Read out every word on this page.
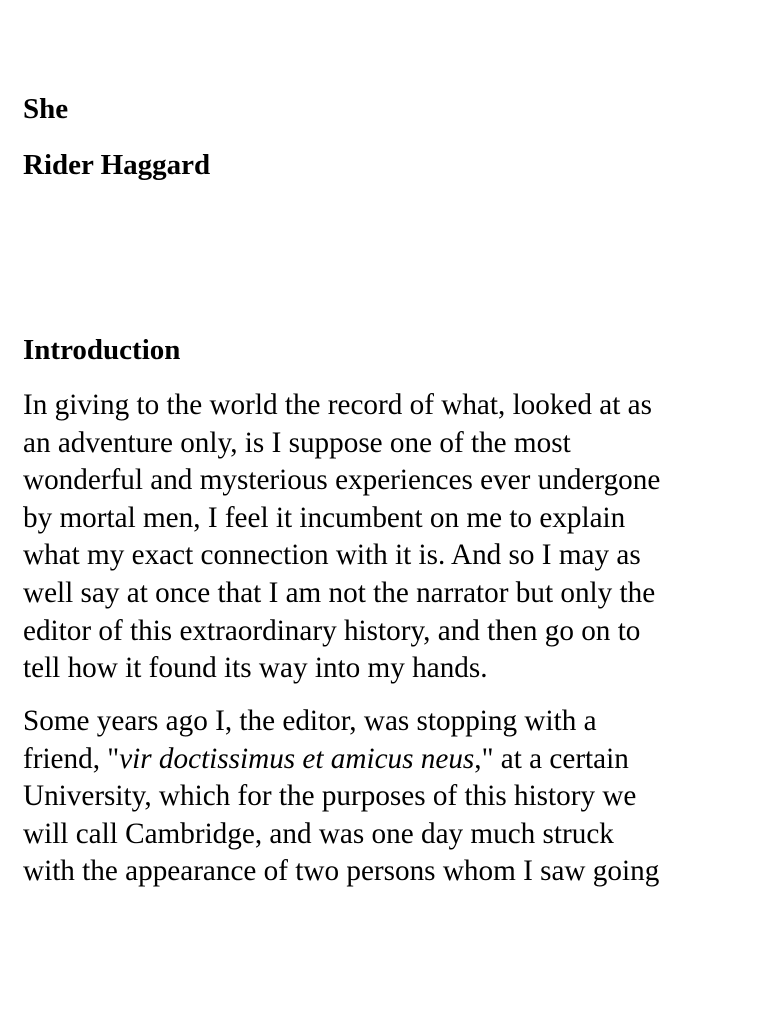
She
Rider Haggard
Introduction

In giving to the world the record of what, looked at as
an adventure only, is I suppose one of the most
wonderful and mysterious experiences ever undergone
by mortal men, I feel it incumbent on me to explain
what my exact connection with it is. And so I may as
well say at once that I am not the narrator but only the
editor of this extraordinary history, and then go on to
tell how it found its way into my hands.

Some years ago I, the editor, was stopping with a
friend, "vir doctissimus et amicus neus," at a certain
University, which for the purposes of this history we
will call Cambridge, and was one day much struck
with the appearance of two persons whom I saw going
